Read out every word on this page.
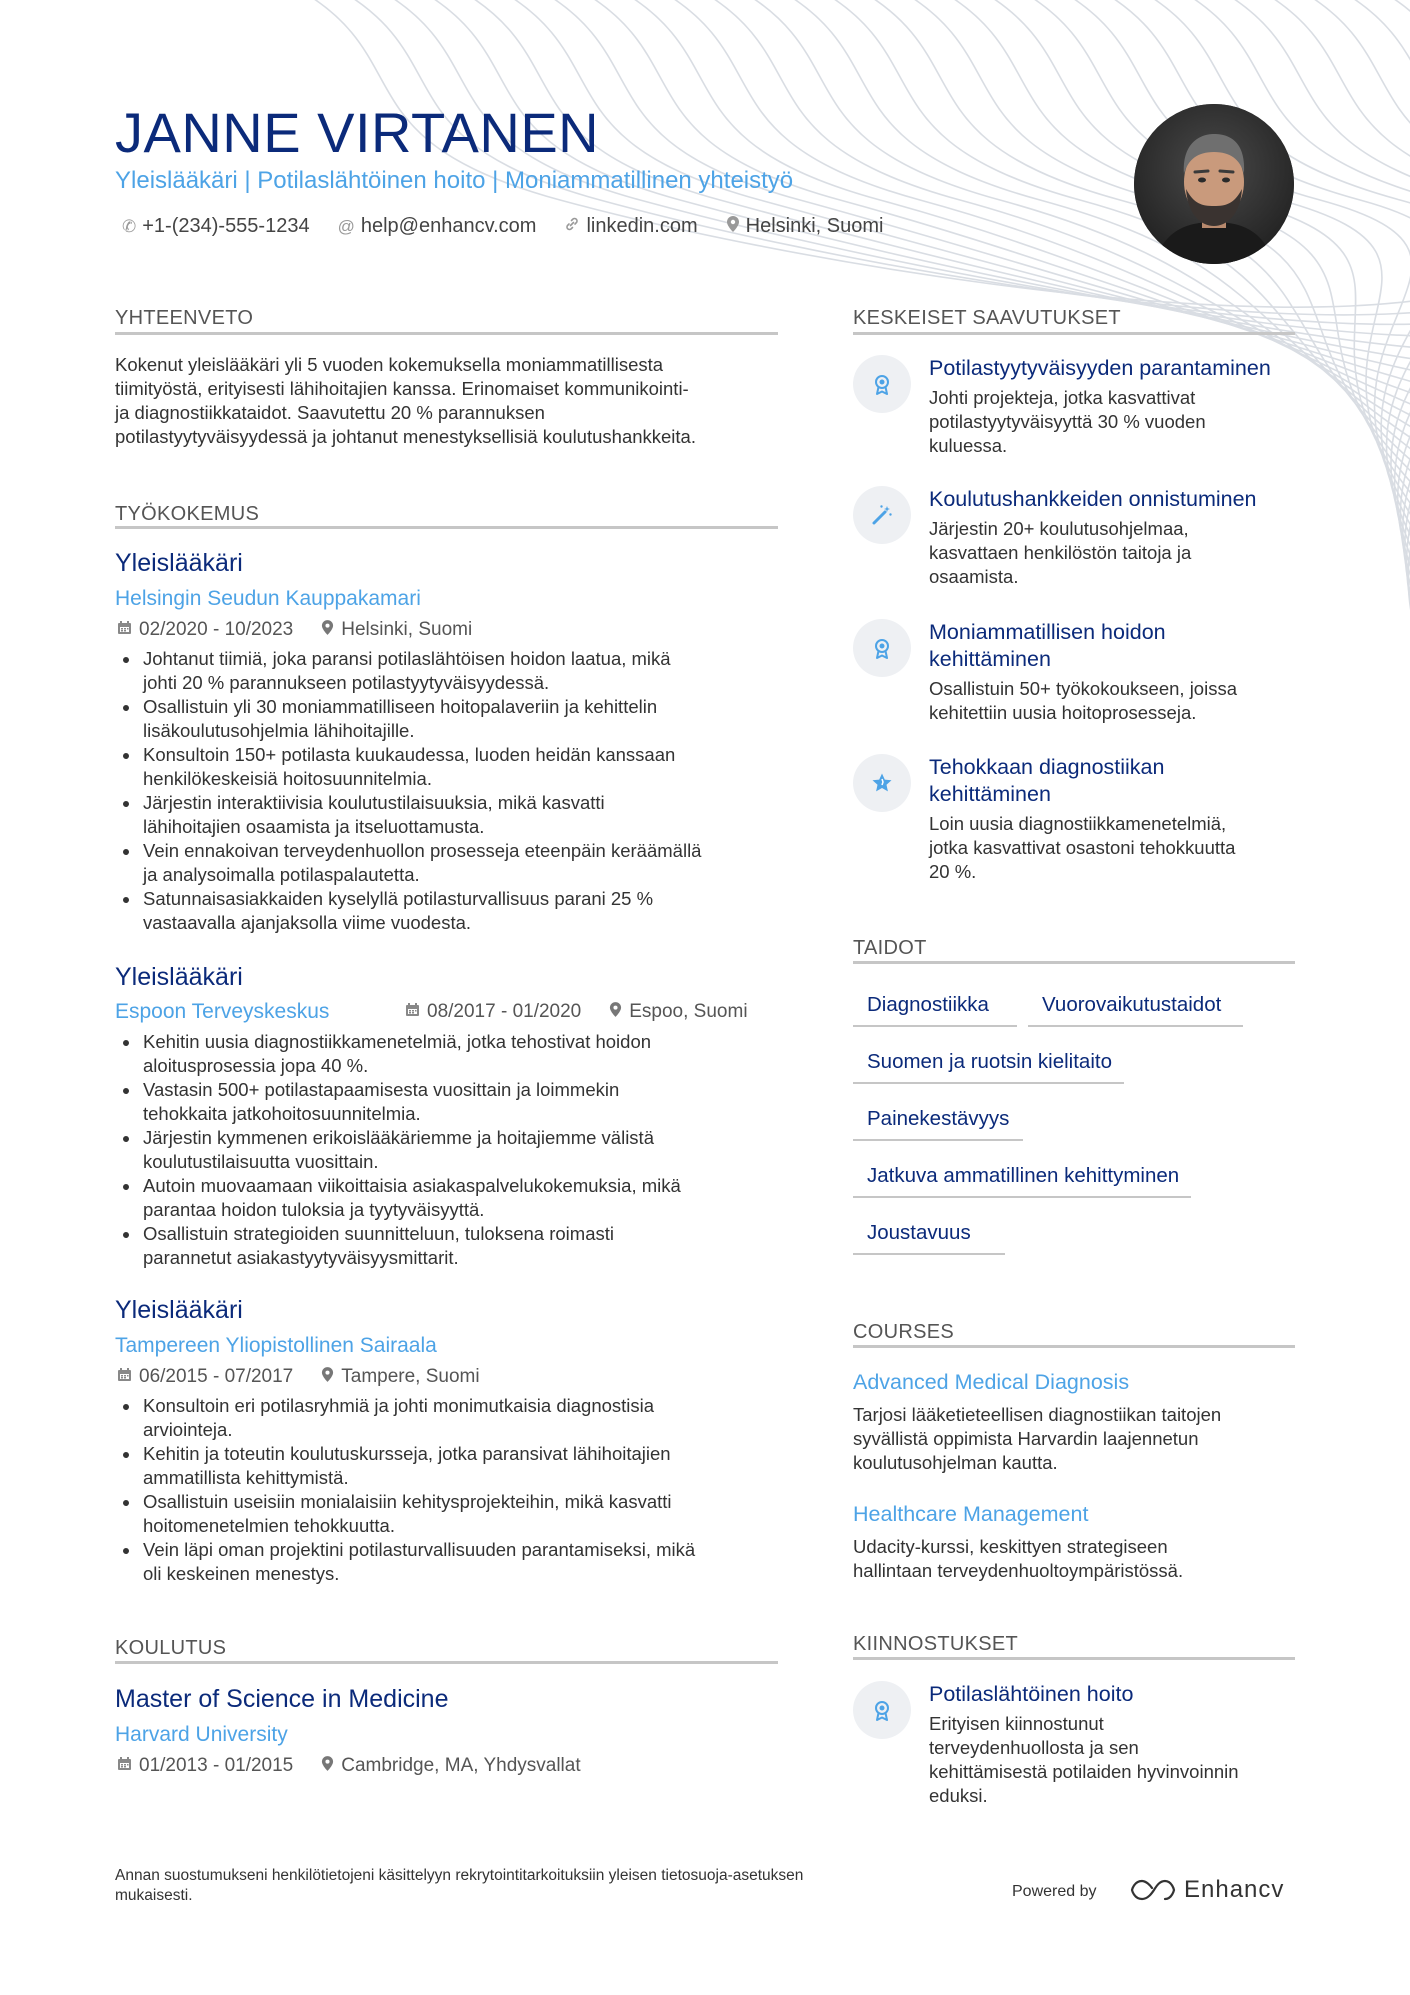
JANNE VIRTANEN
Yleislääkäri | Potilaslähtöinen hoito | Moniammatillinen yhteistyö
✆ +1-(234)-555-1234 @ help@enhancv.com	linkedin.com Helsinki, Suomi
YHTEENVETO
Kokenut yleislääkäri yli 5 vuoden kokemuksella moniammatillisesta
tiimityöstä, erityisesti lähihoitajien kanssa. Erinomaiset kommunikointi-
ja diagnostiikkataidot. Saavutettu 20 % parannuksen
potilastyytyväisyydessä ja johtanut menestyksellisiä koulutushankkeita.
TYÖKOKEMUS
Yleislääkäri
Helsingin Seudun Kauppakamari
02/2020 - 10/2023	Helsinki, Suomi
• Johtanut tiimiä, joka paransi potilaslähtöisen hoidon laatua, mikä
johti 20 % parannukseen potilastyytyväisyydessä.
• Osallistuin yli 30 moniammatilliseen hoitopalaveriin ja kehittelin
lisäkoulutusohjelmia lähihoitajille.
• Konsultoin 150+ potilasta kuukaudessa, luoden heidän kanssaan
henkilökeskeisiä hoitosuunnitelmia.
• Järjestin interaktiivisia koulutustilaisuuksia, mikä kasvatti
lähihoitajien osaamista ja itseluottamusta.
• Vein ennakoivan terveydenhuollon prosesseja eteenpäin keräämällä
ja analysoimalla potilaspalautetta.
• Satunnaisasiakkaiden kyselyllä potilasturvallisuus parani 25 %
vastaavalla ajanjaksolla viime vuodesta.
Yleislääkäri
Espoon Terveyskeskus	08/2017 - 01/2020	Espoo, Suomi
• Kehitin uusia diagnostiikkamenetelmiä, jotka tehostivat hoidon
aloitusprosessia jopa 40 %.
• Vastasin 500+ potilastapaamisesta vuosittain ja loimmekin
tehokkaita jatkohoitosuunnitelmia.
• Järjestin kymmenen erikoislääkäriemme ja hoitajiemme välistä
koulutustilaisuutta vuosittain.
• Autoin muovaamaan viikoittaisia asiakaspalvelukokemuksia, mikä
parantaa hoidon tuloksia ja tyytyväisyyttä.
• Osallistuin strategioiden suunnitteluun, tuloksena roimasti
parannetut asiakastyytyväisyysmittarit.
Yleislääkäri
Tampereen Yliopistollinen Sairaala
06/2015 - 07/2017	Tampere, Suomi
• Konsultoin eri potilasryhmiä ja johti monimutkaisia diagnostisia
arviointeja.
• Kehitin ja toteutin koulutuskursseja, jotka paransivat lähihoitajien
ammatillista kehittymistä.
• Osallistuin useisiin monialaisiin kehitysprojekteihin, mikä kasvatti
hoitomenetelmien tehokkuutta.
• Vein läpi oman projektini potilasturvallisuuden parantamiseksi, mikä
oli keskeinen menestys.
KOULUTUS
Master of Science in Medicine
Harvard University
01/2013 - 01/2015	Cambridge, MA, Yhdysvallat
KESKEISET SAAVUTUKSET
Potilastyytyväisyyden parantaminen
Johti projekteja, jotka kasvattivat
potilastyytyväisyyttä 30 % vuoden
kuluessa.
Koulutushankkeiden onnistuminen
Järjestin 20+ koulutusohjelmaa,
kasvattaen henkilöstön taitoja ja
osaamista.
Moniammatillisen hoidon
kehittäminen
Osallistuin 50+ työkokoukseen, joissa
kehitettiin uusia hoitoprosesseja.
Tehokkaan diagnostiikan
kehittäminen
Loin uusia diagnostiikkamenetelmiä,
jotka kasvattivat osastoni tehokkuutta
20 %.
TAIDOT
Diagnostiikka	Vuorovaikutustaidot
Suomen ja ruotsin kielitaito
Painekestävyys
Jatkuva ammatillinen kehittyminen
Joustavuus
COURSES
Advanced Medical Diagnosis
Tarjosi lääketieteellisen diagnostiikan taitojen
syvällistä oppimista Harvardin laajennetun
koulutusohjelman kautta.
Healthcare Management
Udacity-kurssi, keskittyen strategiseen
hallintaan terveydenhuoltoympäristössä.
KIINNOSTUKSET
Potilaslähtöinen hoito
Erityisen kiinnostunut
terveydenhuollosta ja sen
kehittämisestä potilaiden hyvinvoinnin
eduksi.
Annan suostumukseni henkilötietojeni käsittelyyn rekrytointitarkoituksiin yleisen tietosuoja-asetuksen
mukaisesti.	Powered by	Enhancv
